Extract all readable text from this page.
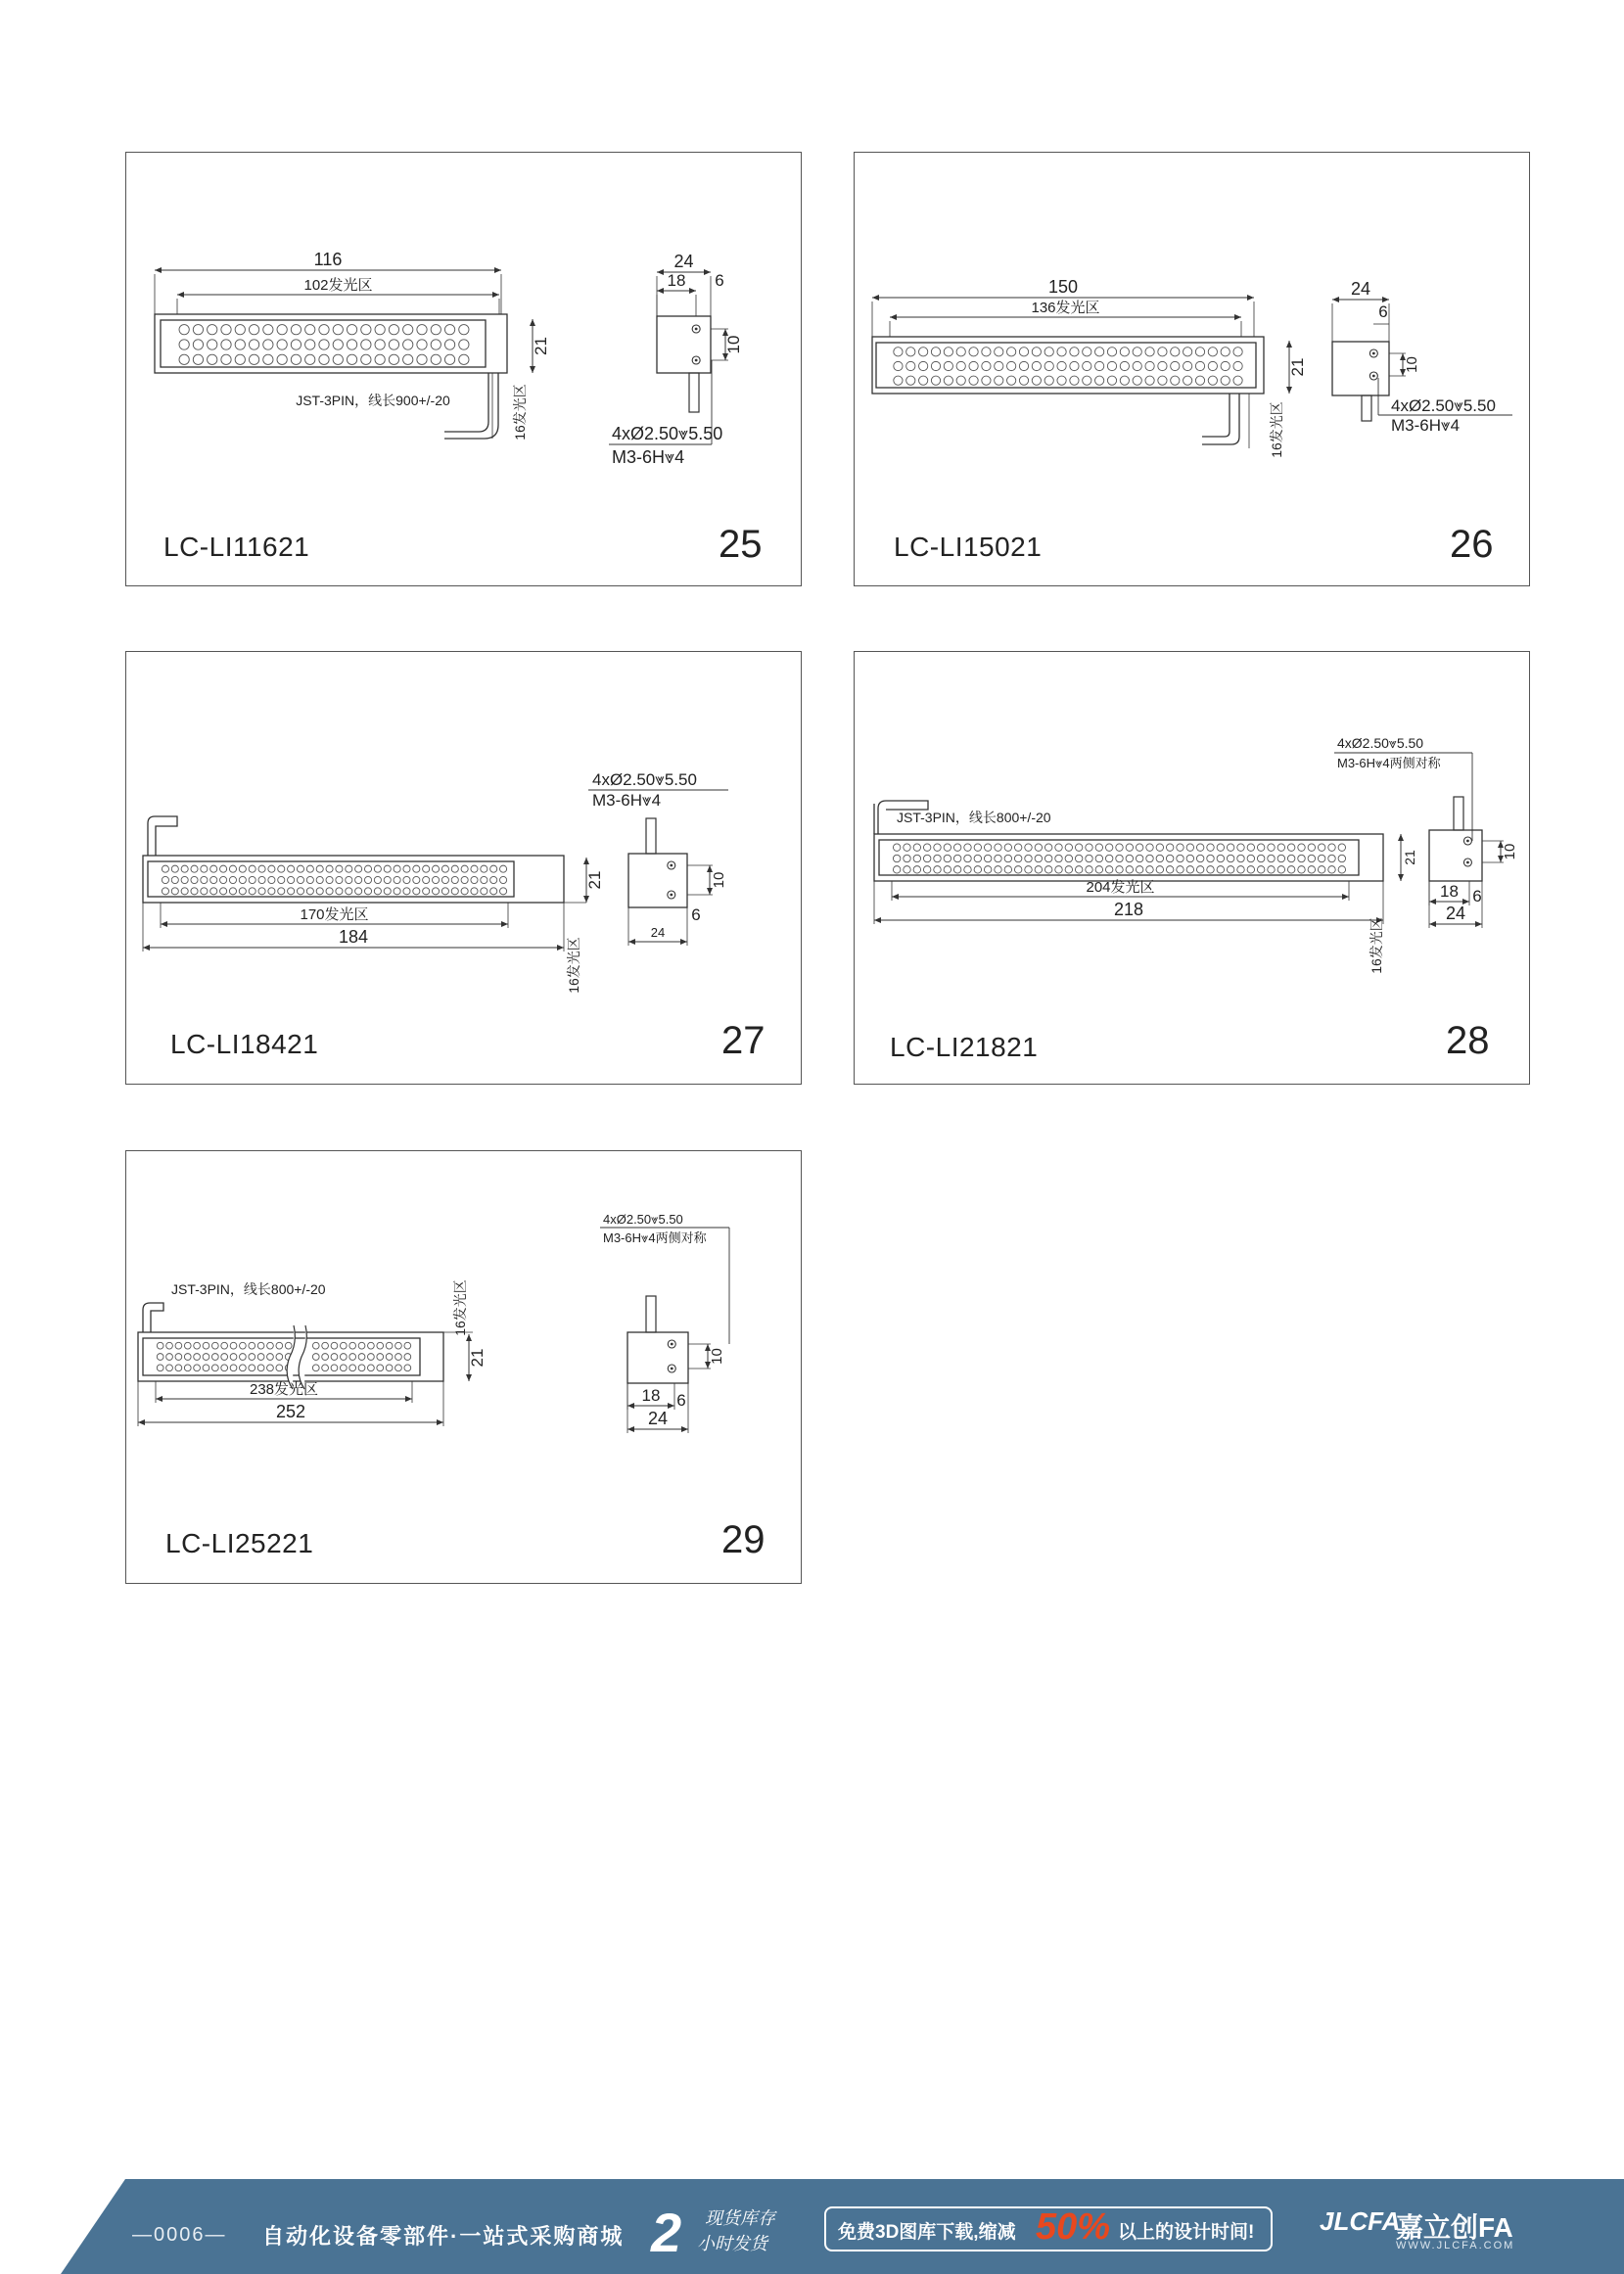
116
102发光区
21
16发光区
JST-3PIN，线长900+/-20
24
18 6
10
4xØ2.50⩔5.50
M3-6H⩔4
LC-LI11621	25
150
136发光区
21
16发光区
24
6
10
4xØ2.50⩔5.50
M3-6H⩔4
LC-LI15021	26
170发光区
184
21
16发光区
10
6
24
4xØ2.50⩔5.50
M3-6H⩔4
LC-LI18421	27
JST-3PIN，线长800+/-20
204发光区
218
21
16发光区
10
18 6
24
4xØ2.50⩔5.50
M3-6H⩔4两侧对称
LC-LI21821	28
JST-3PIN，线长800+/-20
238发光区
252
21
16发光区
10
18 6
24
4xØ2.50⩔5.50
M3-6H⩔4两侧对称
LC-LI25221	29
—0006— 自动化设备零部件·一站式采购商城 2 现货库存
小时发货
免费3D图库下载,缩减 50% 以上的设计时间!	JLCFA
嘉立创FA
WWW.JLCFA.COM
